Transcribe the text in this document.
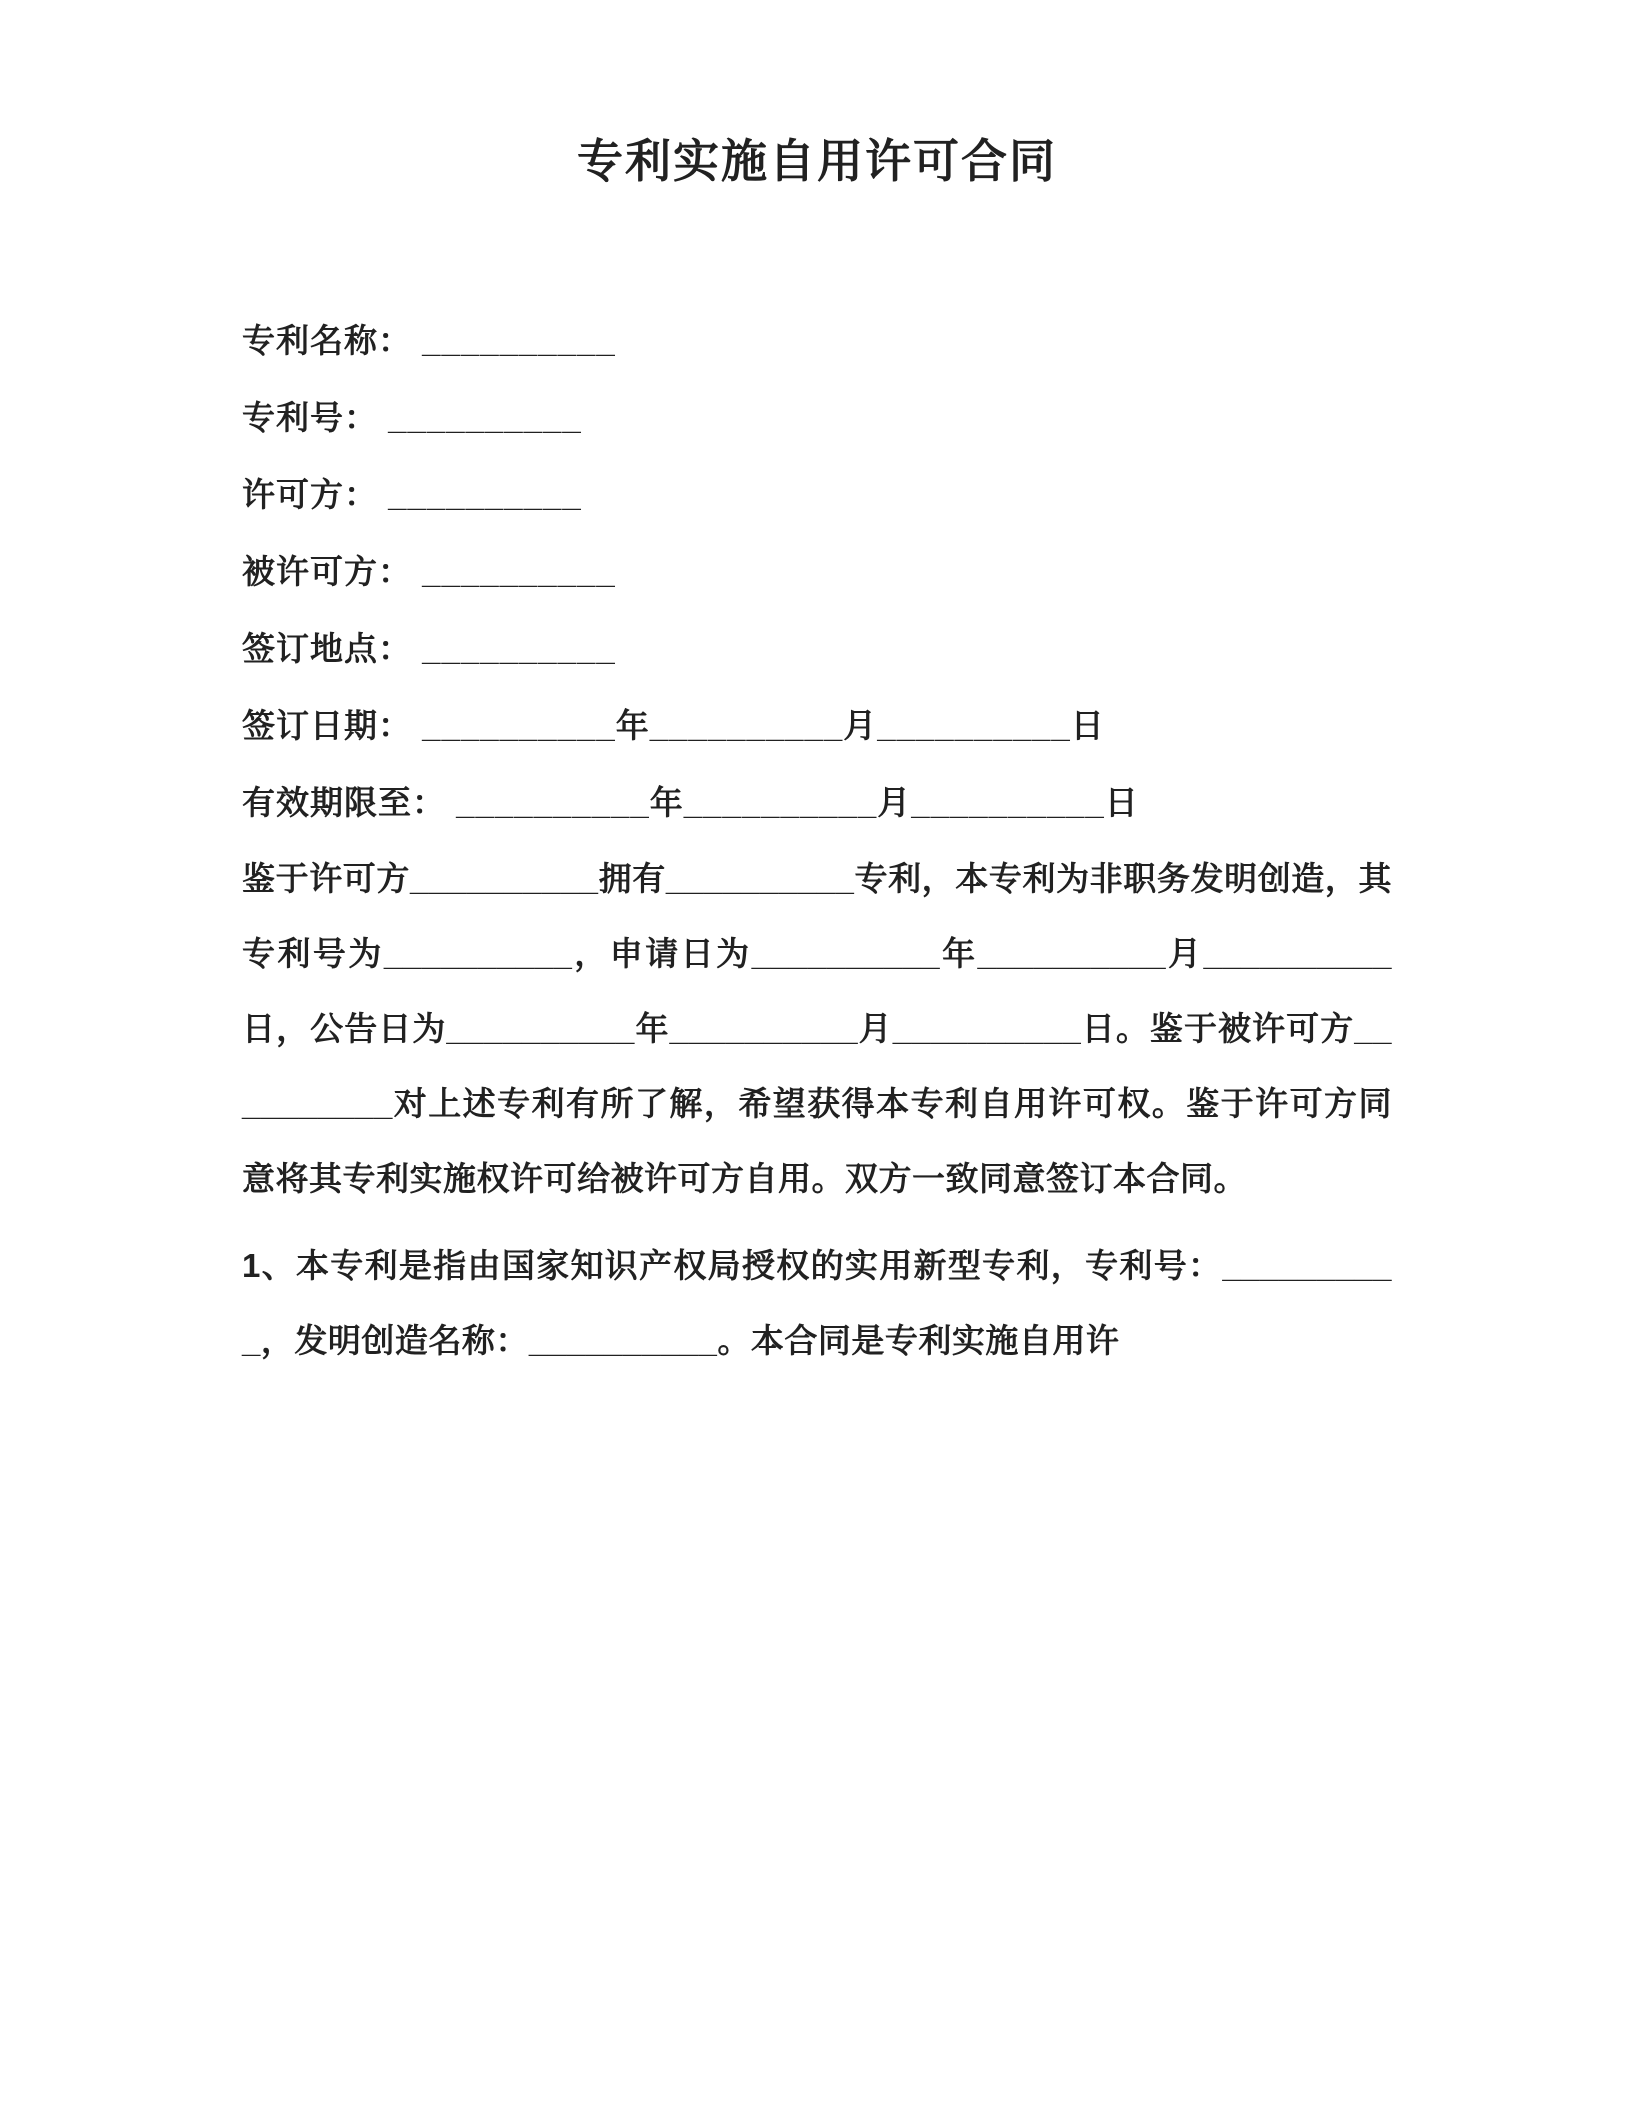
专利实施自用许可合同
专利名称： __________
专利号： __________
许可方： __________
被许可方： __________
签订地点： __________
签订日期： __________年__________月__________日
有效期限至： __________年__________月__________日

鉴于许可方__________拥有__________专利，本专利为非职务发明创造，其专利号为__________，申请日为__________年__________月__________日，公告日为__________年__________月__________日。鉴于被许可方__________对上述专利有所了解，希望获得本专利自用许可权。鉴于许可方同意将其专利实施权许可给被许可方自用。双方一致同意签订本合同。

1、本专利是指由国家知识产权局授权的实用新型专利，专利号：__________，发明创造名称：__________。本合同是专利实施自用许
